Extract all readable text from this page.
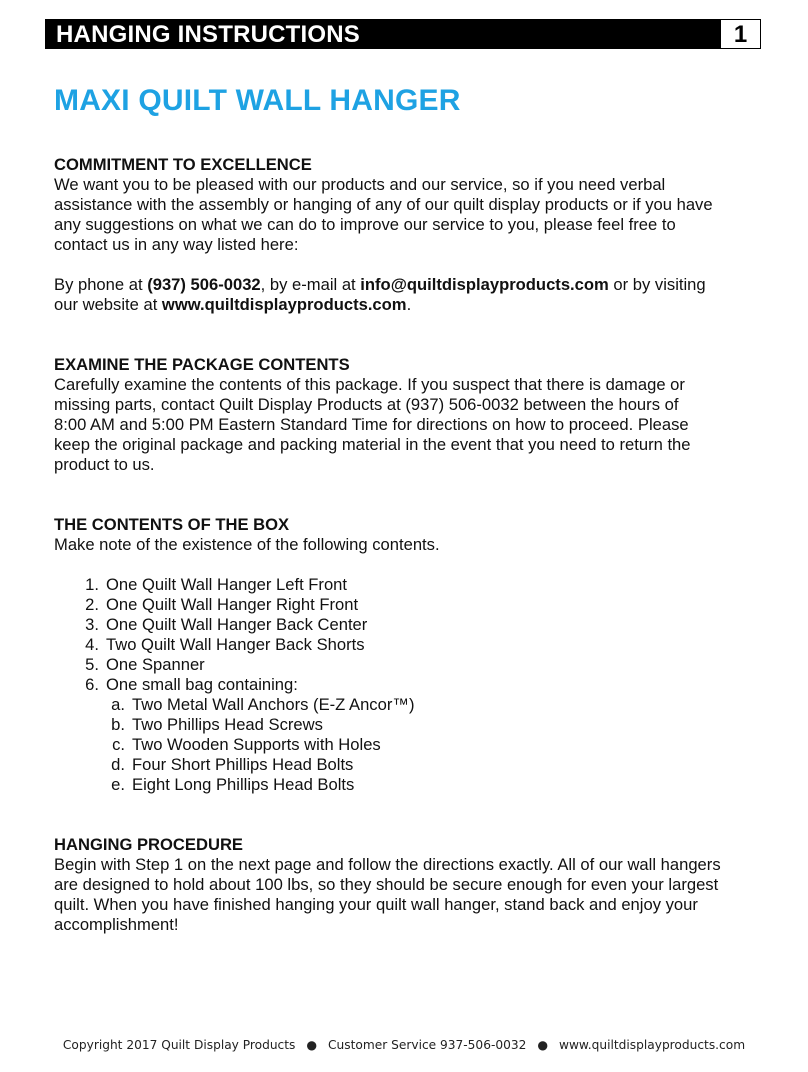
HANGING INSTRUCTIONS	1
MAXI QUILT WALL HANGER
COMMITMENT TO EXCELLENCE

We want you to be pleased with our products and our service, so if you need verbal
assistance with the assembly or hanging of any of our quilt display products or if you have
any suggestions on what we can do to improve our service to you, please feel free to
contact us in any way listed here:

By phone at (937) 506-0032, by e-mail at info@quiltdisplayproducts.com or by visiting
our website at www.quiltdisplayproducts.com.

EXAMINE THE PACKAGE CONTENTS

Carefully examine the contents of this package. If you suspect that there is damage or
missing parts, contact Quilt Display Products at (937) 506-0032 between the hours of
8:00 AM and 5:00 PM Eastern Standard Time for directions on how to proceed. Please
keep the original package and packing material in the event that you need to return the
product to us.

THE CONTENTS OF THE BOX

Make note of the existence of the following contents.

1. One Quilt Wall Hanger Left Front
2. One Quilt Wall Hanger Right Front
3. One Quilt Wall Hanger Back Center
4. Two Quilt Wall Hanger Back Shorts
5. One Spanner
6. One small bag containing:
a. Two Metal Wall Anchors (E-Z Ancor™)
b. Two Phillips Head Screws
c. Two Wooden Supports with Holes
d. Four Short Phillips Head Bolts
e. Eight Long Phillips Head Bolts
HANGING PROCEDURE

Begin with Step 1 on the next page and follow the directions exactly. All of our wall hangers
are designed to hold about 100 lbs, so they should be secure enough for even your largest
quilt. When you have finished hanging your quilt wall hanger, stand back and enjoy your
accomplishment!

Copyright 2017 Quilt Display Products ● Customer Service 937-506-0032 ● www.quiltdisplayproducts.com
